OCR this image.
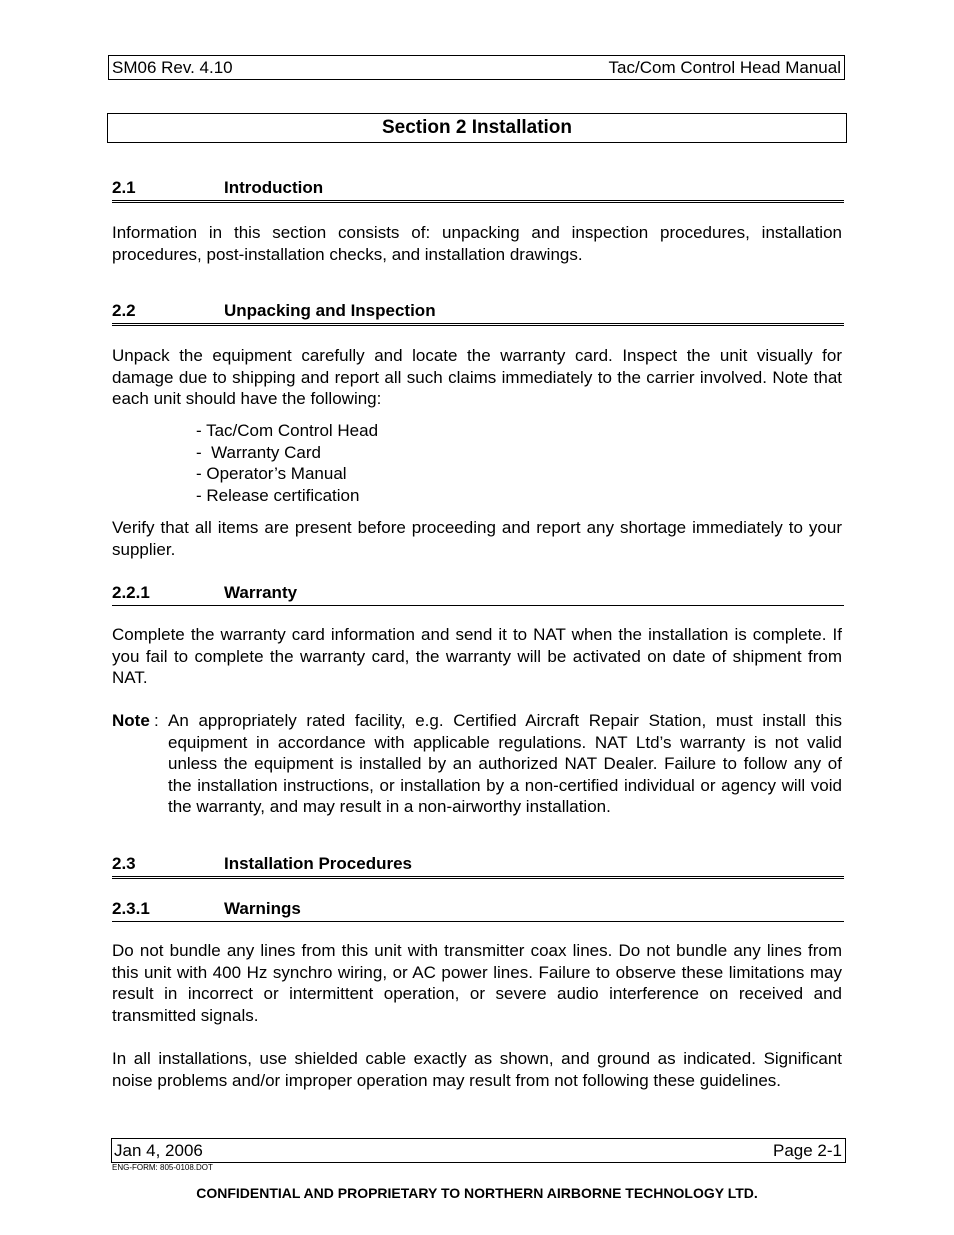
SM06 Rev. 4.10	Tac/Com Control Head Manual
Section 2 Installation
2.1	Introduction

Information in this section consists of: unpacking and inspection procedures, installation procedures, post-installation checks, and installation drawings.

2.2	Unpacking and Inspection

Unpack the equipment carefully and locate the warranty card. Inspect the unit visually for damage due to shipping and report all such claims immediately to the carrier involved. Note that each unit should have the following:

- Tac/Com Control Head
-  Warranty Card
- Operator’s Manual
- Release certification

Verify that all items are present before proceeding and report any shortage immediately to your supplier.

2.2.1	Warranty

Complete the warranty card information and send it to NAT when the installation is complete. If you fail to complete the warranty card, the warranty will be activated on date of shipment from NAT.

Note : An appropriately rated facility, e.g. Certified Aircraft Repair Station, must install this equipment in accordance with applicable regulations. NAT Ltd’s warranty is not valid unless the equipment is installed by an authorized NAT Dealer. Failure to follow any of the installation instructions, or installation by a non-certified individual or agency will void the warranty, and may result in a non-airworthy installation.

2.3	Installation Procedures
2.3.1	Warnings

Do not bundle any lines from this unit with transmitter coax lines. Do not bundle any lines from this unit with 400 Hz synchro wiring, or AC power lines. Failure to observe these limitations may result in incorrect or intermittent operation, or severe audio interference on received and transmitted signals.

In all installations, use shielded cable exactly as shown, and ground as indicated. Significant noise problems and/or improper operation may result from not following these guidelines.

Jan 4, 2006	Page 2-1
ENG-FORM: 805-0108.DOT
CONFIDENTIAL AND PROPRIETARY TO NORTHERN AIRBORNE TECHNOLOGY LTD.
